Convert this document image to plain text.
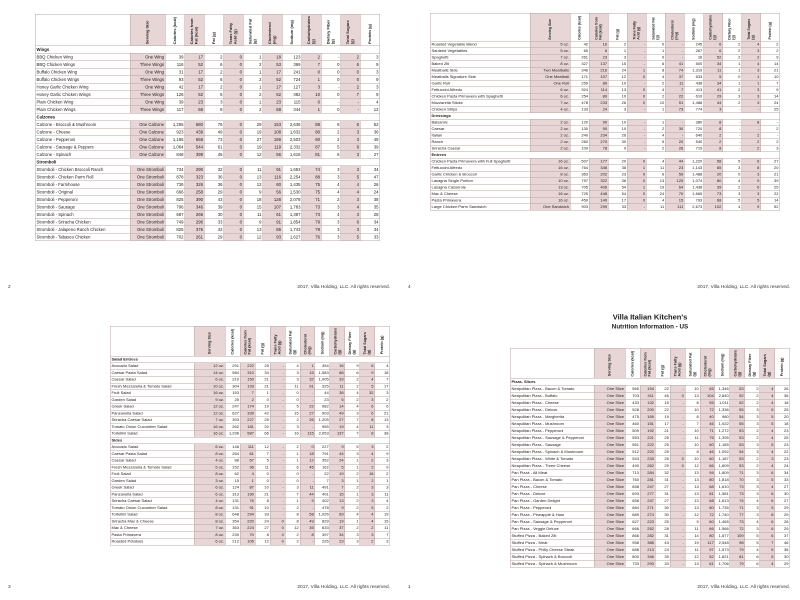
	Serving Size	Calories (kcal)	Calories from Fat (kcal)	Fat (g)	Trans Fatty Acid (g)	Saturated Fat (g)	Cholesterol (mg)	Sodium (mg)	Carbohydrates (g)	Dietary Fiber (g)	Total Sugars (g)	Protein (g)

Wings												
BBQ Chicken Wing	One Wing	39	17	2	0	1	18	123	2	-	2	3
BBQ Chicken Wings	Three Wings	116	52	6	0	2	53	369	7	0	6	9
Buffalo Chicken Wing	One Wing	31	17	2	0	1	17	241	0	0	0	3
Buffalo Chicken Wings	Three Wings	93	52	6	0	2	52	724	1	0	0	9
Honey Garlic Chicken Wing	One Wing	42	17	2	0	1	17	127	3	-	2	3
Honey Garlic Chicken Wings	Three Wings	126	52	6	0	2	52	382	10	0	7	9
Plain Chicken Wing	One Wing	39	23	3	0	1	23	115	0	-	-	4
Plain Chicken Wings	Three Wings	117	68	8	0	2	68	344	1	0	-	12
Calzones												
Calzone - Broccoli & Mushroom	One Calzone	1,255	680	76	0	29	153	2,636	88	6	6	52
Calzone - Cheese	One Calzone	923	439	49	0	19	108	1,632	80	2	3	36
Calzone - Pepperoni	One Calzone	1,186	658	73	0	27	169	2,503	80	2	3	49
Calzone - Sausage & Peppers	One Calzone	1,064	544	61	0	19	119	2,332	87	5	9	39
Calzone - Spinach	One Calzone	848	399	45	0	12	56	1,616	81	5	3	27
Stromboli												
Stromboli - Chicken Broccoli Ranch	One Stromboli	734	290	32	0	11	91	1,653	74	3	3	34
Stromboli - Chicken Parm Roll	One Stromboli	878	323	36	0	13	116	2,254	88	3	5	47
Stromboli - Farmhouse	One Stromboli	736	326	36	0	12	60	1,435	75	4	4	26
Stromboli - Original	One Stromboli	666	258	29	0	9	56	1,530	75	4	4	24
Stromboli - Pepperoni	One Stromboli	825	390	43	0	18	128	2,078	71	2	3	38
Stromboli - Sausage	One Stromboli	796	346	39	0	15	107	1,783	73	3	4	35
Stromboli - Spinach	One Stromboli	687	266	30	0	11	61	1,387	73	4	3	28
Stromboli - Sriracha Chicken	One Stromboli	749	296	33	0	9	91	1,854	79	3	6	34
Stromboli - Jalapeno Ranch Chicken	One Stromboli	825	376	42	0	13	86	1,743	79	3	3	34
Stromboli - Tabasco Chicken	One Stromboli	702	261	29	0	12	93	1,627	76	3	5	33
2	2017, Villa Holding, LLC. All rights reserved.

	Serving Size	Calories (kcal)	Calories from Fat (kcal)	Fat (g)	Trans Fatty Acid (g)	Saturated Fat (g)	Cholesterol (mg)	Sodium (mg)	Carbohydrates (g)	Dietary Fiber (g)	Total Sugars (g)	Protein (g)

Roasted Vegetable Blend	5 oz.	42	16	2	-	0	-	245	6	2	4	2
Sauteed Vegetables	5 oz.	65	6	1	-	1	-	267	6	2	3	2
Spaghetti	7 oz.	261	23	3	-	0	-	16	52	2	2	9
Baked Ziti	8 oz.	327	137	15	-	6	41	500	34	1	4	14
Meatballs Side	Two Meatballs	346	216	24	1	8	74	1,319	11	1	3	21
Meatballs Signature Side	One Meatball	171	107	12	0	4	37	633	5	0	1	10
Garlic Roll	One Roll	259	89	10	-	2	11	438	34	1	1	7
Fettuccini Alfredo	6 oz.	324	114	13	0	4	7	413	41	2	3	9
Chicken Pasta Primavera with Spaghetti	6 oz.	254	89	10	0	2	22	610	29	3	3	14
Mozzarella Sticks	7 oz.	478	233	26	0	10	51	1,488	44	2	3	24
Chicken Strips	4 oz.	133	24	3	-	1	73	774	3	-	-	25
Dressings												
Balsamic	2 oz.	120	90	10	-	1	-	380	8	-	8	-
Caesar	2 oz.	130	90	10	-	2	30	720	8	-	-	2
Italian	2 oz.	240	234	26	-	4	-	640	2	-	2	-
Ranch	2 oz.	260	270	30	-	5	20	540	2	-	2	2
Sriracha Caesar	2 oz.	109	78	9	-	2	26	719	8	-	2	3
Entrees												
Chicken Pasta Primavera with Full Spaghetti	16 oz.	507	177	20	0	4	44	1,220	58	5	6	27
Fettuccini Alfredo	16 oz.	764	346	38	1	11	23	1,143	85	3	8	20
Garlic Chicken & Broccoli	8 oz.	363	202	23	0	6	59	1,488	20	0	3	21
Lasagna Single Portion	10 oz.	797	322	36	0	13	125	1,074	80	4	9	39
Lasagna Casserole	13 oz.	705	406	54	1	19	64	1,438	39	2	6	25
Mac & Cheese	16 oz.	725	448	54	0	24	70	1,665	73	3	3	22
Pasta Primavera	16 oz.	459	140	17	0	4	15	793	68	5	5	14
Large Chicken Parm Sandwich	One Sandwich	903	299	33	-	11	111	2,673	102	4	9	52
4	2017, Villa Holding, LLC. All rights reserved.

	Serving Size	Calories (kcal)	Calories from Fat (kcal)	Fat (g)	Trans Fatty Acid (g)	Saturated Fat (g)	Cholesterol (mg)	Sodium (mg)	Carbohydrates (g)	Dietary Fiber (g)	Total Sugars (g)	Protein (g)

Salad Entrees												
Avocado Salad	12 oz.	291	222	25	-	4	1	454	16	9	6	4
Caesar Pasta Salad	14 oz.	584	310	34	-	3	15	1,583	88	6	9	18
Caesar Salad	6 oz.	210	150	21	-	3	32	1,005	33	2	4	7
Fresh Mozzarella & Tomato Salad	10 oz.	304	193	21	-	11	91	325	11	2	5	17
Fruit Salad	16 oz.	153	7	1	-	0	-	44	38	4	32	3
Garden Salad	9 oz.	25	2	0	-	0	-	23	5	2	3	2
Greek Salad	12 oz.	247	174	19	-	5	22	982	14	4	6	6
Panzanella Salad	12 oz.	627	339	42	-	15	27	903	49	3	6	21
Sriracha Caesar Salad	7 oz.	393	227	25	-	2	26	1,205	27	7	8	13
Tomato Onion Cucumber Salad	16 oz.	262	181	20	-	3	-	955	19	4	11	3
Tortellini Salad	16 oz.	1,296	587	66	-	16	115	2,053	137	7	8	38
Sides												
Avocado Salad	6 oz.	146	111	12	-	2	0	227	9	5	3	2
Caesar Pasta Salad	8 oz.	264	61	7	-	1	18	791	44	3	4	9
Caesar Salad	4 oz.	88	67	5	-	1	12	352	24	1	2	3
Fresh Mozzarella & Tomato Salad	5 oz.	152	96	11	-	6	45	162	5	1	2	9
Fruit Salad	8 oz.	62	4	0	-	0	-	22	19	2	16	2
Garden Salad	3 oz.	15	1	0	-	0	-	7	3	1	2	1
Greek Salad	6 oz.	124	87	10	-	3	11	491	7	2	3	3
Panzanella Salad	6 oz.	313	190	21	-	7	44	401	15	1	3	11
Sriracha Caesar Salad	4 oz.	131	76	8	-	1	9	402	13	2	3	4
Tomato Onion Cucumber Salad	8 oz.	131	91	10	-	2	-	478	9	2	5	2
Tortellini Salad	8 oz.	648	294	33	-	8	58	1,026	69	4	4	19
Sriracha Mac & Cheese	8 oz.	354	220	24	0	8	49	829	19	1	4	15
Mac & Cheese	7 oz.	363	224	27	0	12	35	833	37	2	2	11
Pasta Primavera	8 oz.	230	70	8	0	2	8	397	34	3	3	7
Roasted Potatoes	6 oz.	212	106	12	0	2	-	226	23	3	2	3
3	2017, Villa Holding, LLC. All rights reserved.
Villa Italian Kitchen's
Nutrition Information - US

	Serving Size	Calories (kcal)	Calories from Fat (kcal)	Fat (g)	Trans Fatty Acid (g)	Saturated Fat (g)	Cholesterol (mg)	Sodium (mg)	Carbohydrates (g)	Dietary Fiber (g)	Total Sugars (g)	Protein (g)

Pizza- Slices												
Neapolitan Pizza - Bacon & Tomato	One Slice	565	194	22	-	10	65	1,346	53	2	4	26
Neapolitan Pizza - Buffalo	One Slice	703	411	46	0	13	104	2,840	52	2	4	36
Neapolitan Pizza - Cheese	One Slice	433	132	15	-	8	55	1,011	52	2	4	18
Neapolitan Pizza - Deluxe	One Slice	528	200	22	-	10	72	1,336	55	3	5	25
Neapolitan Pizza - Margherita	One Slice	475	169	19	-	8	40	980	54	3	5	20
Neapolitan Pizza - Mushroom	One Slice	460	151	17	-	7	46	1,022	55	3	5	18
Neapolitan Pizza - Pepperoni	One Slice	509	192	21	-	10	71	1,272	53	2	4	23
Neapolitan Pizza - Sausage & Pepperoni	One Slice	553	221	25	-	11	75	1,395	53	2	4	25
Neapolitan Pizza - Sausage	One Slice	551	222	25	-	10	60	1,185	53	3	5	23
Neapolitan Pizza - Spinach & Mushroom	One Slice	512	220	25	-	8	46	1,092	54	3	4	22
Neapolitan Pizza - White & Tomato	One Slice	543	233	26	0	10	60	1,187	53	2	3	23
Neapolitan Pizza - Three Cheese	One Slice	490	262	29	0	12	66	1,609	53	2	4	24
Pan Pizza - All Meat	One Slice	713	284	32	-	13	94	1,809	71	3	6	34
Pan Pizza - Bacon & Tomato	One Slice	760	281	31	-	13	80	1,818	70	3	5	33
Pan Pizza - Cheese	One Slice	658	247	27	-	13	68	1,610	73	3	4	27
Pan Pizza - Deluxe	One Slice	693	277	31	-	13	81	1,581	73	3	6	30
Pan Pizza - Garden Delight	One Slice	658	247	27	-	13	68	1,613	74	4	6	27
Pan Pizza - Pepperoni	One Slice	684	271	30	-	13	80	1,735	71	3	5	29
Pan Pizza - Pineapple & Ham	One Slice	689	274	30	-	12	72	1,740	77	3	8	29
Pan Pizza - Sausage & Pepperoni	One Slice	627	223	25	-	9	60	1,465	73	4	6	26
Pan Pizza - Veggie Deluxe	One Slice	666	252	28	-	11	66	1,566	72	3	6	29
Stuffed Pizza - Baked Ziti	One Slice	866	282	31	-	14	80	1,877	109	5	6	37
Stuffed Pizza - Meat	One Slice	958	388	43	-	19	117	2,548	98	5	7	46
Stuffed Pizza - Philly Cheese Steak	One Slice	688	213	24	-	11	97	1,573	79	4	5	36
Stuffed Pizza - Spinach & Broccoli	One Slice	800	346	39	-	12	52	1,821	81	6	5	30
Stuffed Pizza - Spinach & Mushroom	One Slice	733	293	33	-	13	61	1,706	79	6	4	29
1	2017, Villa Holding, LLC. All rights reserved.
